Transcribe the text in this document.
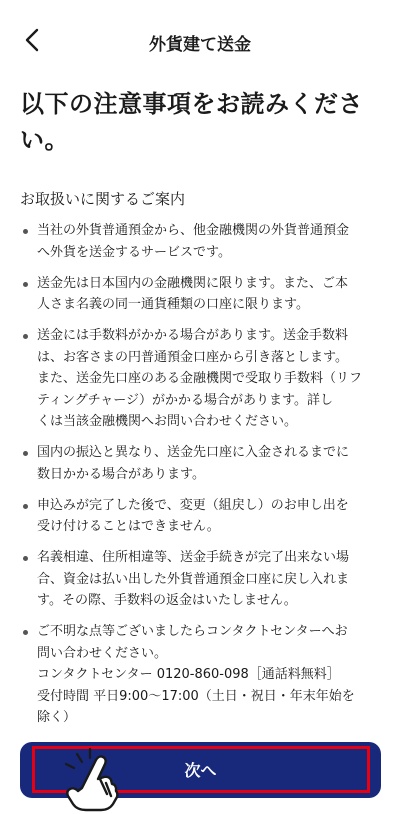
外貨建て送金
以下の注意事項をお読みください。
お取扱いに関するご案内
当社の外貨普通預金から、他金融機関の外貨普通預金
へ外貨を送金するサービスです。
送金先は日本国内の金融機関に限ります。また、ご本
人さま名義の同一通貨種類の口座に限ります。
送金には手数料がかかる場合があります。送金手数料
は、お客さまの円普通預金口座から引き落とします。
また、送金先口座のある金融機関で受取り手数料（リフ
ティングチャージ）がかかる場合があります。詳し
くは当該金融機関へお問い合わせください。
国内の振込と異なり、送金先口座に入金されるまでに
数日かかる場合があります。
申込みが完了した後で、変更（組戻し）のお申し出を
受け付けることはできません。
名義相違、住所相違等、送金手続きが完了出来ない場
合、資金は払い出した外貨普通預金口座に戻し入れま
す。その際、手数料の返金はいたしません。
ご不明な点等ございましたらコンタクトセンターへお
問い合わせください。
コンタクトセンター 0120-860-098［通話料無料］
受付時間 平日9:00〜17:00（土日・祝日・年末年始を
除く）
次へ
